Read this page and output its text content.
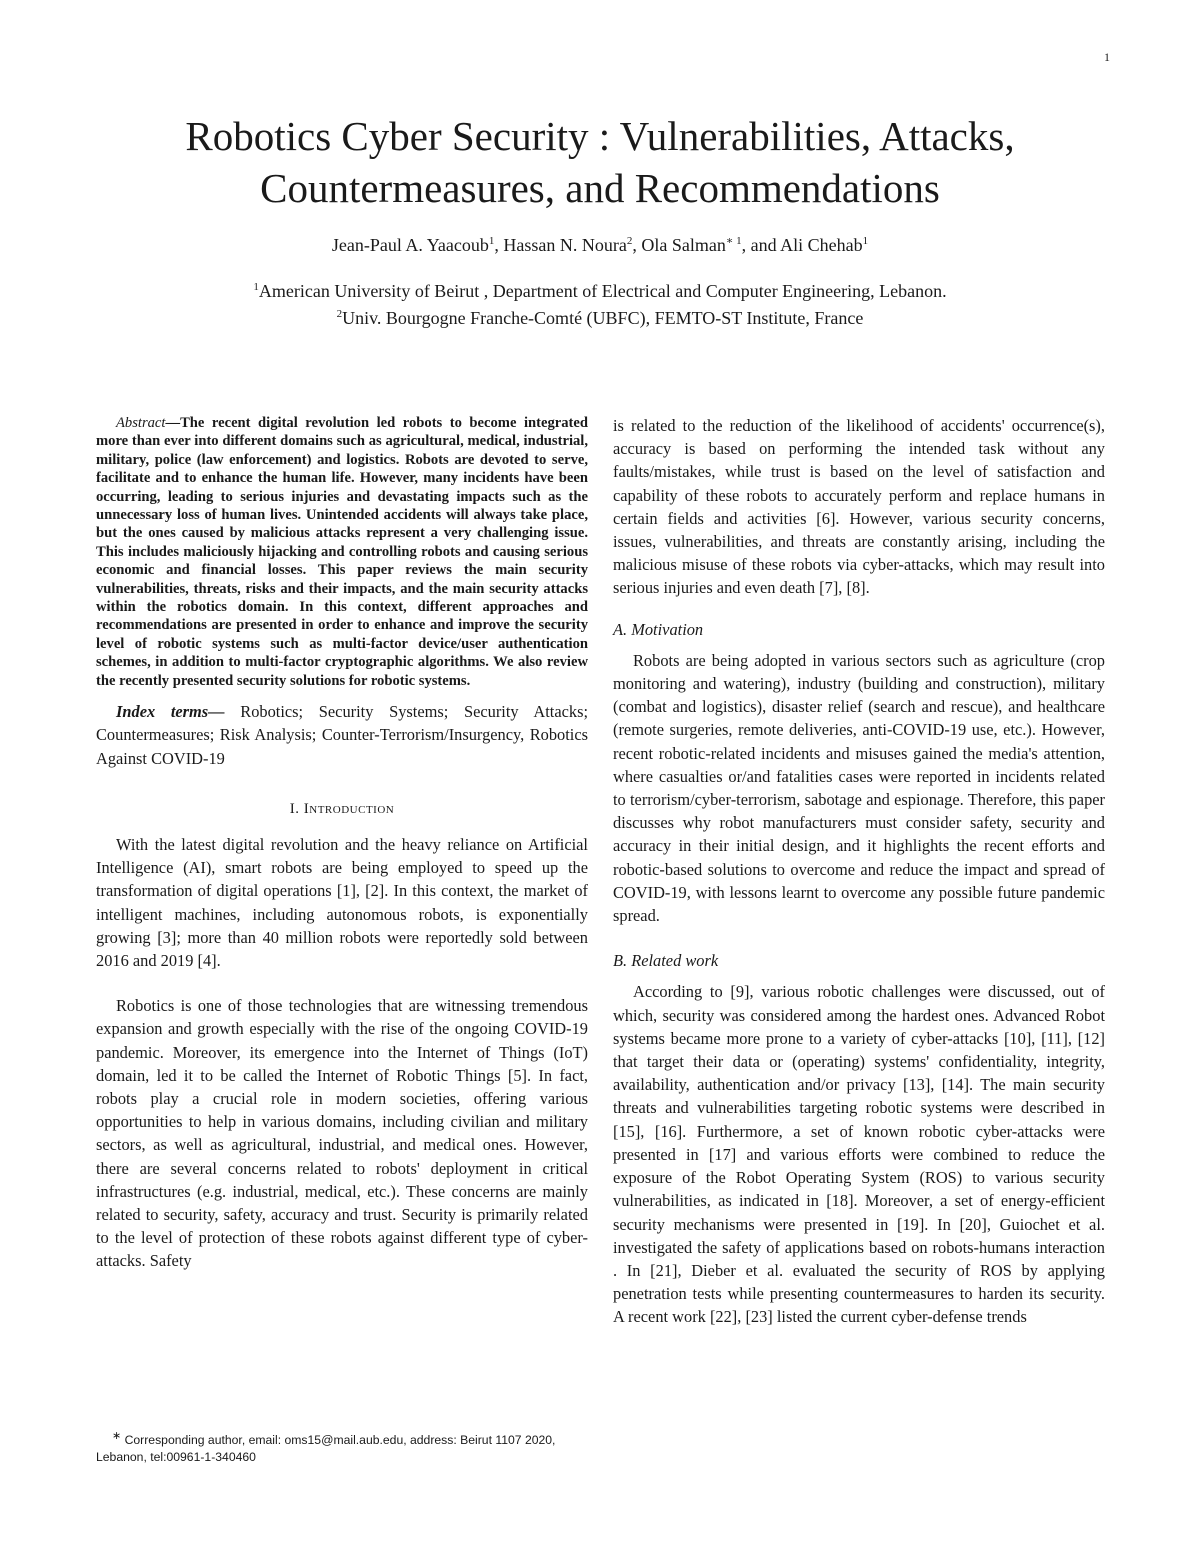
1
Robotics Cyber Security : Vulnerabilities, Attacks,
Countermeasures, and Recommendations
Jean-Paul A. Yaacoub$^1$, Hassan N. Noura$^2$, Ola Salman$^{∗ 1}$, and Ali Chehab$^1$
$^1$American University of Beirut , Department of Electrical and Computer Engineering, Lebanon.
$^2$Univ. Bourgogne Franche-Comté (UBFC), FEMTO-ST Institute, France

Abstract—The recent digital revolution led robots to become integrated more than ever into different domains such as agricultural, medical, industrial, military, police (law enforcement) and logistics. Robots are devoted to serve, facilitate and to enhance the human life. However, many incidents have been occurring, leading to serious injuries and devastating impacts such as the unnecessary loss of human lives. Unintended accidents will always take place, but the ones caused by malicious attacks represent a very challenging issue. This includes maliciously hijacking and controlling robots and causing serious economic and financial losses. This paper reviews the main security vulnerabilities, threats, risks and their impacts, and the main security attacks within the robotics domain. In this context, different approaches and recommendations are presented in order to enhance and improve the security level of robotic systems such as multi-factor device/user authentication schemes, in addition to multi-factor cryptographic algorithms. We also review the recently presented security solutions for robotic systems.

Index terms— Robotics; Security Systems; Security Attacks; Countermeasures; Risk Analysis; Counter-Terrorism/Insurgency, Robotics Against COVID-19

I. Introduction

With the latest digital revolution and the heavy reliance on Artificial Intelligence (AI), smart robots are being employed to speed up the transformation of digital operations [1], [2]. In this context, the market of intelligent machines, including autonomous robots, is exponentially growing [3]; more than 40 million robots were reportedly sold between 2016 and 2019 [4].

Robotics is one of those technologies that are witnessing tremendous expansion and growth especially with the rise of the ongoing COVID-19 pandemic. Moreover, its emergence into the Internet of Things (IoT) domain, led it to be called the Internet of Robotic Things [5]. In fact, robots play a crucial role in modern societies, offering various opportunities to help in various domains, including civilian and military sectors, as well as agricultural, industrial, and medical ones. However, there are several concerns related to robots' deployment in critical infrastructures (e.g. industrial, medical, etc.). These concerns are mainly related to security, safety, accuracy and trust. Security is primarily related to the level of protection of these robots against different type of cyber-attacks. Safety

is related to the reduction of the likelihood of accidents' occurrence(s), accuracy is based on performing the intended task without any faults/mistakes, while trust is based on the level of satisfaction and capability of these robots to accurately perform and replace humans in certain fields and activities [6]. However, various security concerns, issues, vulnerabilities, and threats are constantly arising, including the malicious misuse of these robots via cyber-attacks, which may result into serious injuries and even death [7], [8].

A. Motivation

Robots are being adopted in various sectors such as agriculture (crop monitoring and watering), industry (building and construction), military (combat and logistics), disaster relief (search and rescue), and healthcare (remote surgeries, remote deliveries, anti-COVID-19 use, etc.). However, recent robotic-related incidents and misuses gained the media's attention, where casualties or/and fatalities cases were reported in incidents related to terrorism/cyber-terrorism, sabotage and espionage. Therefore, this paper discusses why robot manufacturers must consider safety, security and accuracy in their initial design, and it highlights the recent efforts and robotic-based solutions to overcome and reduce the impact and spread of COVID-19, with lessons learnt to overcome any possible future pandemic spread.

B. Related work

According to [9], various robotic challenges were discussed, out of which, security was considered among the hardest ones. Advanced Robot systems became more prone to a variety of cyber-attacks [10], [11], [12] that target their data or (operating) systems' confidentiality, integrity, availability, authentication and/or privacy [13], [14]. The main security threats and vulnerabilities targeting robotic systems were described in [15], [16]. Furthermore, a set of known robotic cyber-attacks were presented in [17] and various efforts were combined to reduce the exposure of the Robot Operating System (ROS) to various security vulnerabilities, as indicated in [18]. Moreover, a set of energy-efficient security mechanisms were presented in [19]. In [20], Guiochet et al. investigated the safety of applications based on robots-humans interaction . In [21], Dieber et al. evaluated the security of ROS by applying penetration tests while presenting countermeasures to harden its security. A recent work [22], [23] listed the current cyber-defense trends

∗ Corresponding author, email: oms15@mail.aub.edu, address: Beirut 1107 2020, Lebanon, tel:00961-1-340460
